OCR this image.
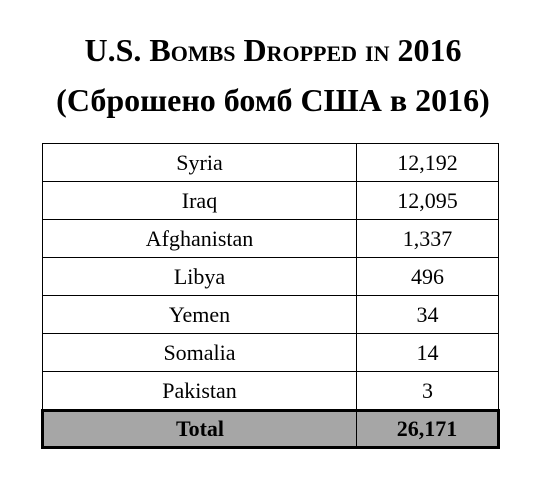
U.S. Bombs Dropped in 2016
(Сброшено бомб США в 2016)
Syria	12,192
Iraq	12,095
Afghanistan	1,337
Libya	496
Yemen	34
Somalia	14
Pakistan	3
Total	26,171
